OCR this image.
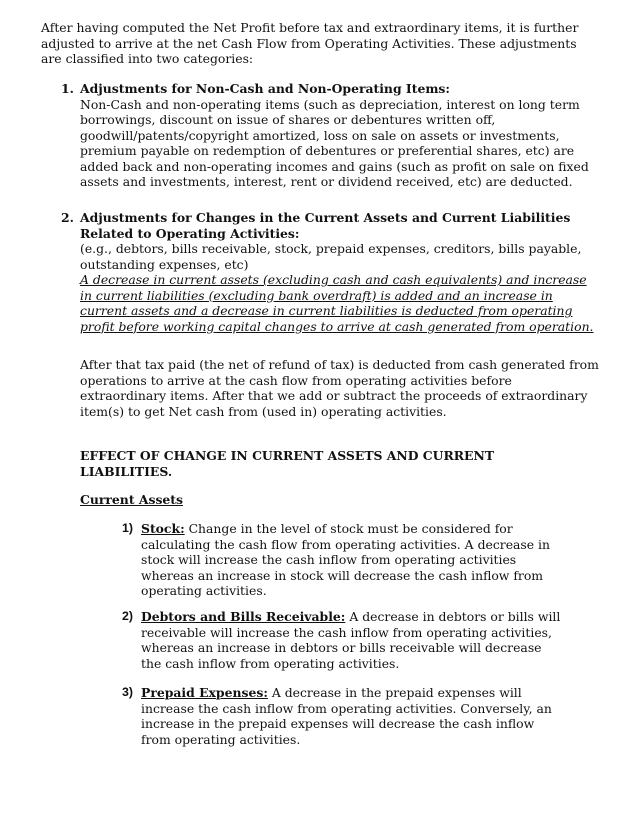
After having computed the Net Profit before tax and extraordinary items, it is further adjusted to arrive at the net Cash Flow from Operating Activities. These adjustments are classified into two categories:
1. Adjustments for Non-Cash and Non-Operating Items:
Non-Cash and non-operating items (such as depreciation, interest on long term borrowings, discount on issue of shares or debentures written off, goodwill/patents/copyright amortized, loss on sale on assets or investments, premium payable on redemption of debentures or preferential shares, etc) are added back and non-operating incomes and gains (such as profit on sale on fixed assets and investments, interest, rent or dividend received, etc) are deducted.
2. Adjustments for Changes in the Current Assets and Current Liabilities Related to Operating Activities:
(e.g., debtors, bills receivable, stock, prepaid expenses, creditors, bills payable, outstanding expenses, etc)
A decrease in current assets (excluding cash and cash equivalents) and increase in current liabilities (excluding bank overdraft) is added and an increase in current assets and a decrease in current liabilities is deducted from operating profit before working capital changes to arrive at cash generated from operation.
After that tax paid (the net of refund of tax) is deducted from cash generated from operations to arrive at the cash flow from operating activities before extraordinary items. After that we add or subtract the proceeds of extraordinary item(s) to get Net cash from (used in) operating activities.
EFFECT OF CHANGE IN CURRENT ASSETS AND CURRENT LIABILITIES.
Current Assets
1) Stock: Change in the level of stock must be considered for calculating the cash flow from operating activities. A decrease in stock will increase the cash inflow from operating activities whereas an increase in stock will decrease the cash inflow from operating activities.
2) Debtors and Bills Receivable: A decrease in debtors or bills will receivable will increase the cash inflow from operating activities, whereas an increase in debtors or bills receivable will decrease the cash inflow from operating activities.
3) Prepaid Expenses: A decrease in the prepaid expenses will increase the cash inflow from operating activities. Conversely, an increase in the prepaid expenses will decrease the cash inflow from operating activities.
